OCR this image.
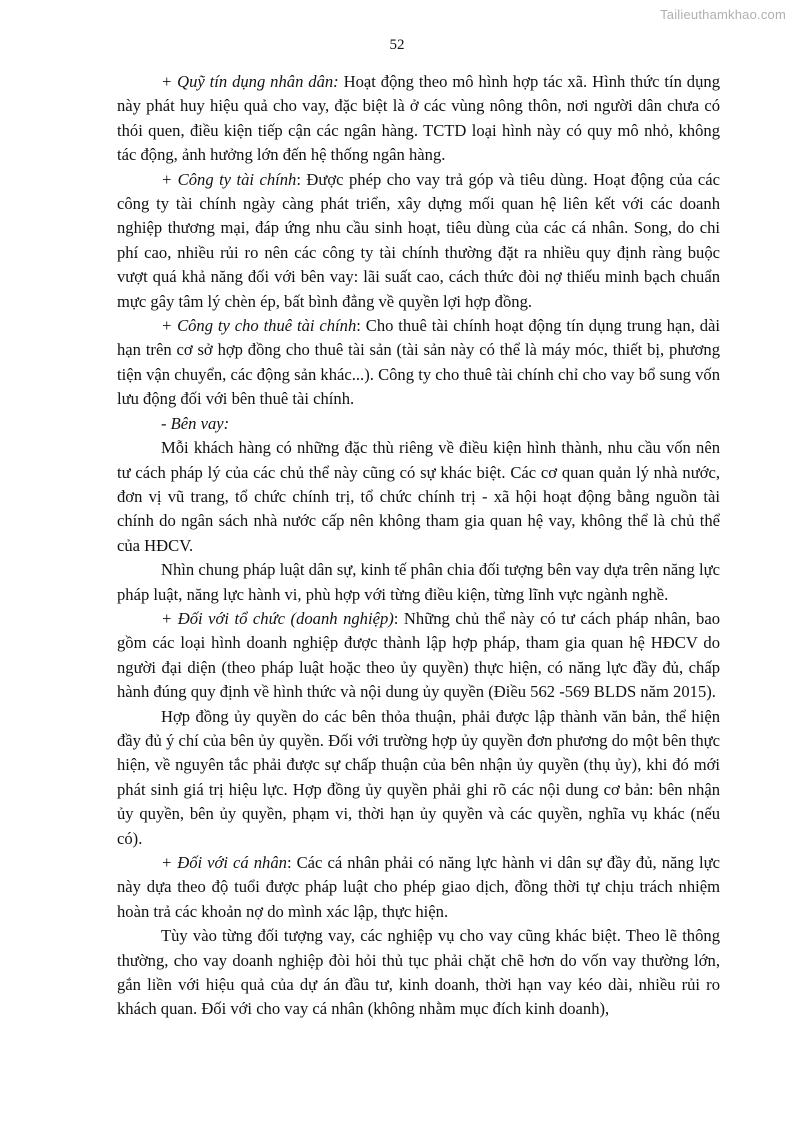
Tailieuthamkhao.com
52

+ Quỹ tín dụng nhân dân: Hoạt động theo mô hình hợp tác xã. Hình thức tín dụng này phát huy hiệu quả cho vay, đặc biệt là ở các vùng nông thôn, nơi người dân chưa có thói quen, điều kiện tiếp cận các ngân hàng. TCTD loại hình này có quy mô nhỏ, không tác động, ảnh hưởng lớn đến hệ thống ngân hàng.

+ Công ty tài chính: Được phép cho vay trả góp và tiêu dùng. Hoạt động của các công ty tài chính ngày càng phát triển, xây dựng mối quan hệ liên kết với các doanh nghiệp thương mại, đáp ứng nhu cầu sinh hoạt, tiêu dùng của các cá nhân. Song, do chi phí cao, nhiều rủi ro nên các công ty tài chính thường đặt ra nhiều quy định ràng buộc vượt quá khả năng đối với bên vay: lãi suất cao, cách thức đòi nợ thiếu minh bạch chuẩn mực gây tâm lý chèn ép, bất bình đẳng về quyền lợi hợp đồng.

+ Công ty cho thuê tài chính: Cho thuê tài chính hoạt động tín dụng trung hạn, dài hạn trên cơ sở hợp đồng cho thuê tài sản (tài sản này có thể là máy móc, thiết bị, phương tiện vận chuyển, các động sản khác...). Công ty cho thuê tài chính chỉ cho vay bổ sung vốn lưu động đối với bên thuê tài chính.

- Bên vay:

Mỗi khách hàng có những đặc thù riêng về điều kiện hình thành, nhu cầu vốn nên tư cách pháp lý của các chủ thể này cũng có sự khác biệt. Các cơ quan quản lý nhà nước, đơn vị vũ trang, tổ chức chính trị, tổ chức chính trị - xã hội hoạt động bằng nguồn tài chính do ngân sách nhà nước cấp nên không tham gia quan hệ vay, không thể là chủ thể của HĐCV.

Nhìn chung pháp luật dân sự, kinh tế phân chia đối tượng bên vay dựa trên năng lực pháp luật, năng lực hành vi, phù hợp với từng điều kiện, từng lĩnh vực ngành nghề.

+ Đối với tổ chức (doanh nghiệp): Những chủ thể này có tư cách pháp nhân, bao gồm các loại hình doanh nghiệp được thành lập hợp pháp, tham gia quan hệ HĐCV do người đại diện (theo pháp luật hoặc theo ủy quyền) thực hiện, có năng lực đầy đủ, chấp hành đúng quy định về hình thức và nội dung ủy quyền (Điều 562 -569 BLDS năm 2015).

Hợp đồng ủy quyền do các bên thỏa thuận, phải được lập thành văn bản, thể hiện đầy đủ ý chí của bên ủy quyền. Đối với trường hợp ủy quyền đơn phương do một bên thực hiện, về nguyên tắc phải được sự chấp thuận của bên nhận ủy quyền (thụ ủy), khi đó mới phát sinh giá trị hiệu lực. Hợp đồng ủy quyền phải ghi rõ các nội dung cơ bản: bên nhận ủy quyền, bên ủy quyền, phạm vi, thời hạn ủy quyền và các quyền, nghĩa vụ khác (nếu có).

+ Đối với cá nhân: Các cá nhân phải có năng lực hành vi dân sự đầy đủ, năng lực này dựa theo độ tuổi được pháp luật cho phép giao dịch, đồng thời tự chịu trách nhiệm hoàn trả các khoản nợ do mình xác lập, thực hiện.

Tùy vào từng đối tượng vay, các nghiệp vụ cho vay cũng khác biệt. Theo lẽ thông thường, cho vay doanh nghiệp đòi hỏi thủ tục phải chặt chẽ hơn do vốn vay thường lớn, gắn liền với hiệu quả của dự án đầu tư, kinh doanh, thời hạn vay kéo dài, nhiều rủi ro khách quan. Đối với cho vay cá nhân (không nhằm mục đích kinh doanh),
